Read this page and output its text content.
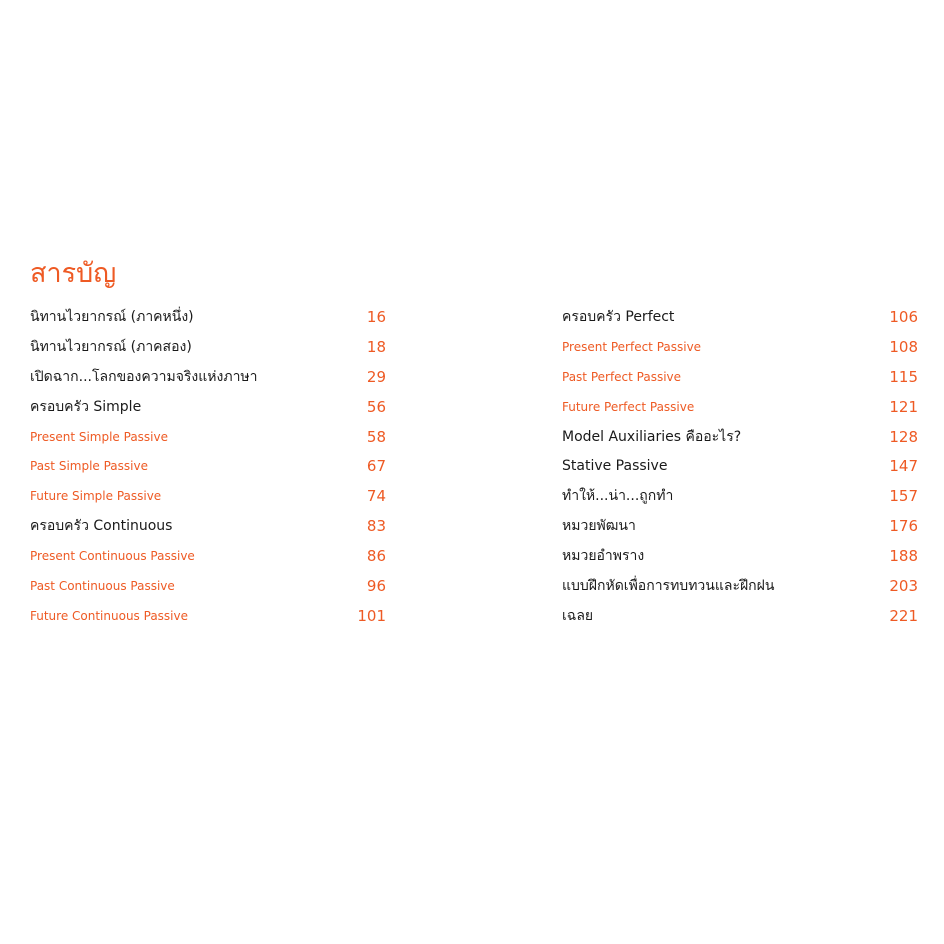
สารบัญ
นิทานไวยากรณ์ (ภาคหนึ่ง)	16
นิทานไวยากรณ์ (ภาคสอง)	18
เปิดฉาก...โลกของความจริงแห่งภาษา	29
ครอบครัว Simple	56
Present Simple Passive	58
Past Simple Passive	67
Future Simple Passive	74
ครอบครัว Continuous	83
Present Continuous Passive	86
Past Continuous Passive	96
Future Continuous Passive	101
ครอบครัว Perfect	106
Present Perfect Passive	108
Past Perfect Passive	115
Future Perfect Passive	121
Model Auxiliaries คืออะไร?	128
Stative Passive	147
ทำให้...น่า...ถูกทำ	157
หมวยพัฒนา	176
หมวยอำพราง	188
แบบฝึกหัดเพื่อการทบทวนและฝึกฝน	203
เฉลย	221
